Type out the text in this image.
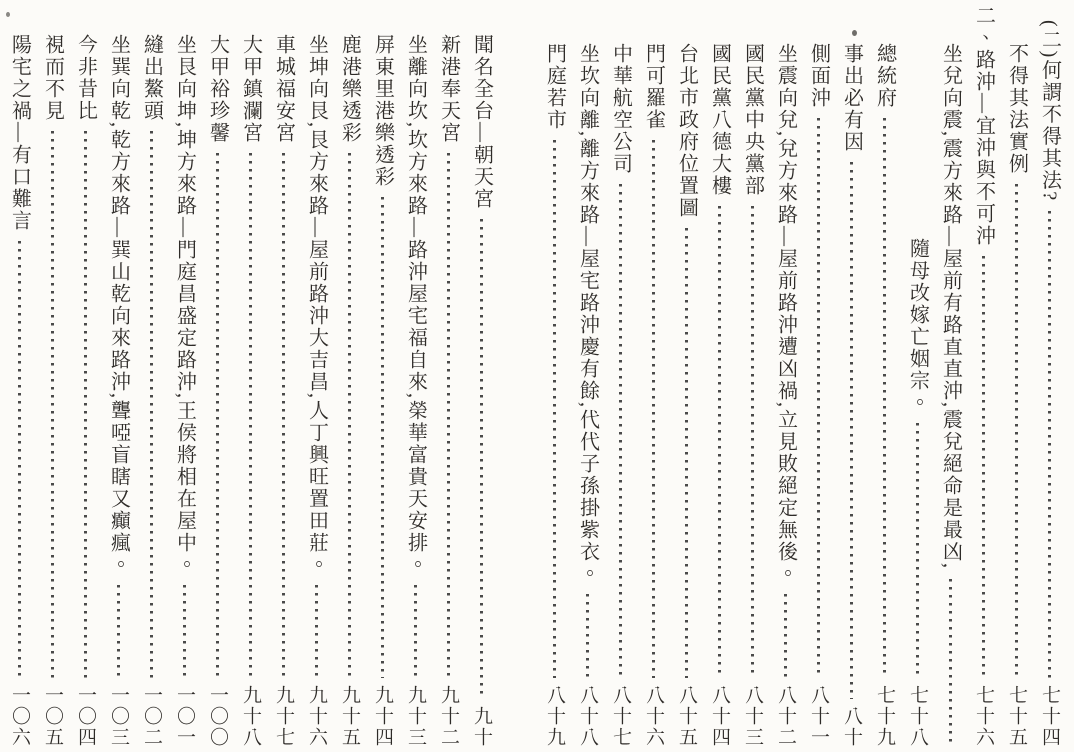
聞名全台—朝天宮
九十
新港奉天宮
九十二
坐離向坎,坎方來路—路沖屋宅福自來,榮華富貴天安排。
九十三
屏東里港樂透彩
九十四
鹿港樂透彩
九十五
坐坤向艮,艮方來路—屋前路沖大吉昌,人丁興旺置田莊。
九十六
車城福安宮
九十七
大甲鎮瀾宮
九十八
大甲裕珍馨
一〇〇
坐艮向坤,坤方來路—門庭昌盛定路沖,王侯將相在屋中。
一〇一
縫出鰲頭
一〇二
坐巽向乾,乾方來路—巽山乾向來路沖,聾啞盲瞎又癲瘋。
一〇三
今非昔比
一〇四
視而不見
一〇五
陽宅之禍—有口難言
一〇六
(二)何謂不得其法?
七十四
不得其法實例
七十五
二、路沖—宜沖與不可沖
七十六
坐兌向震,震方來路—屋前有路直直沖,震兌絕命是最凶,
隨母改嫁亡姻宗。
七十八
總統府
七十九
事出必有因
八十
側面沖
八十一
坐震向兌,兌方來路—屋前路沖遭凶禍,立見敗絕定無後。
八十二
國民黨中央黨部
八十三
國民黨八德大樓
八十四
台北市政府位置圖
八十五
門可羅雀
八十六
中華航空公司
八十七
坐坎向離,離方來路—屋宅路沖慶有餘,代代子孫掛紫衣。
八十八
門庭若市
八十九
